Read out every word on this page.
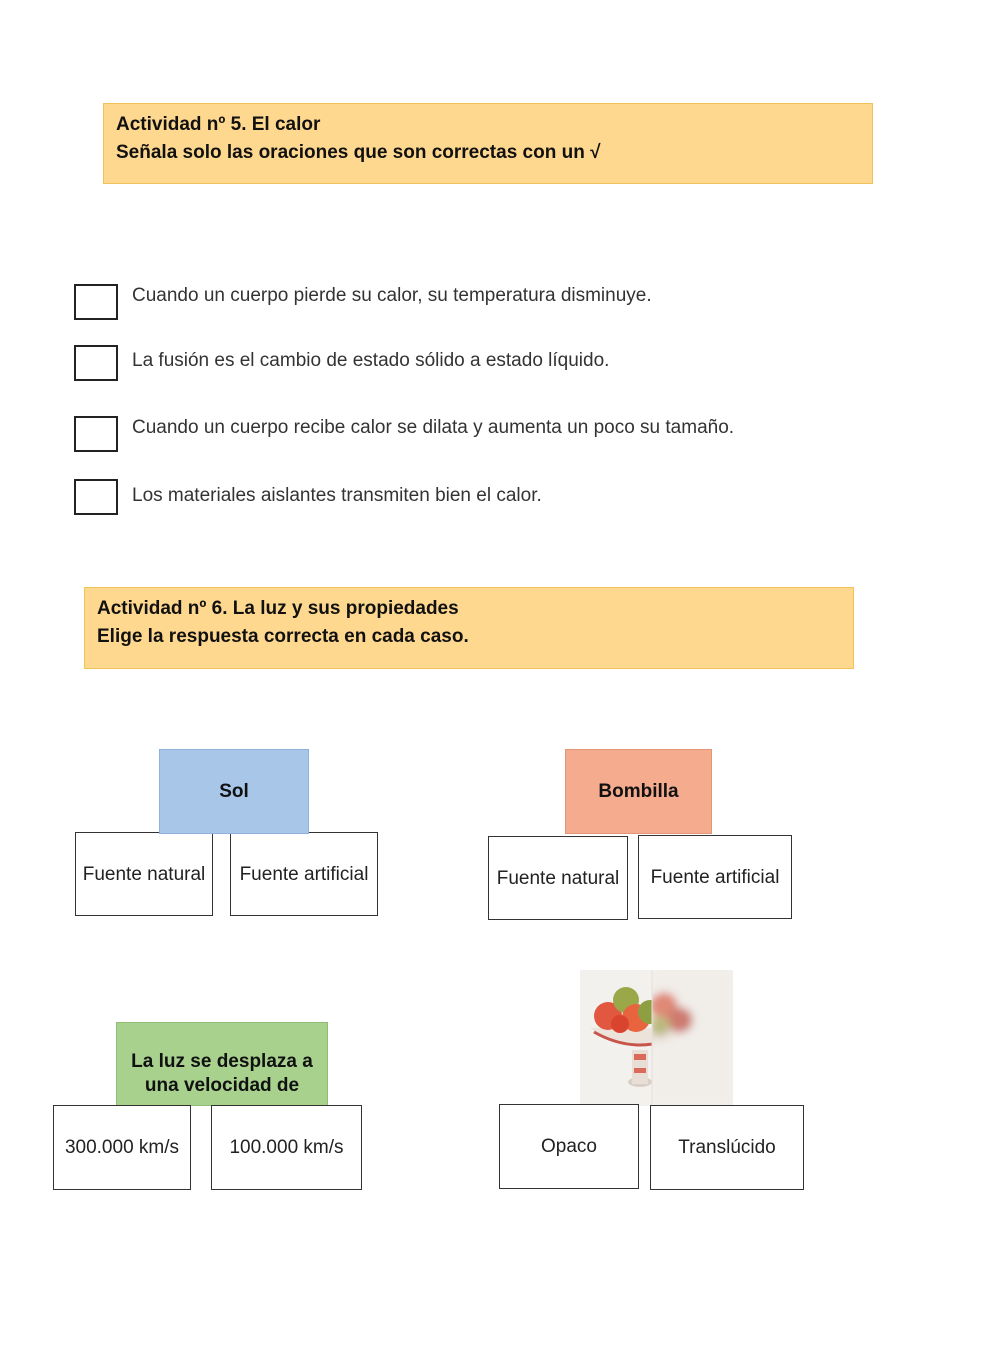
Actividad nº 5. El calor
Señala solo las oraciones que son correctas con un √
Cuando un cuerpo pierde su calor, su temperatura disminuye.
La fusión es el cambio de estado sólido a estado líquido.
Cuando un cuerpo recibe calor se dilata y aumenta un poco su tamaño.
Los materiales aislantes transmiten bien el calor.
Actividad nº 6. La luz y sus propiedades
Elige la respuesta correcta en cada caso.
Fuente natural	Fuente artificial
Sol
Fuente natural	Fuente artificial
Bombilla
La luz se desplaza a una velocidad de
300.000 km/s	100.000 km/s	Opaco	Translúcido
